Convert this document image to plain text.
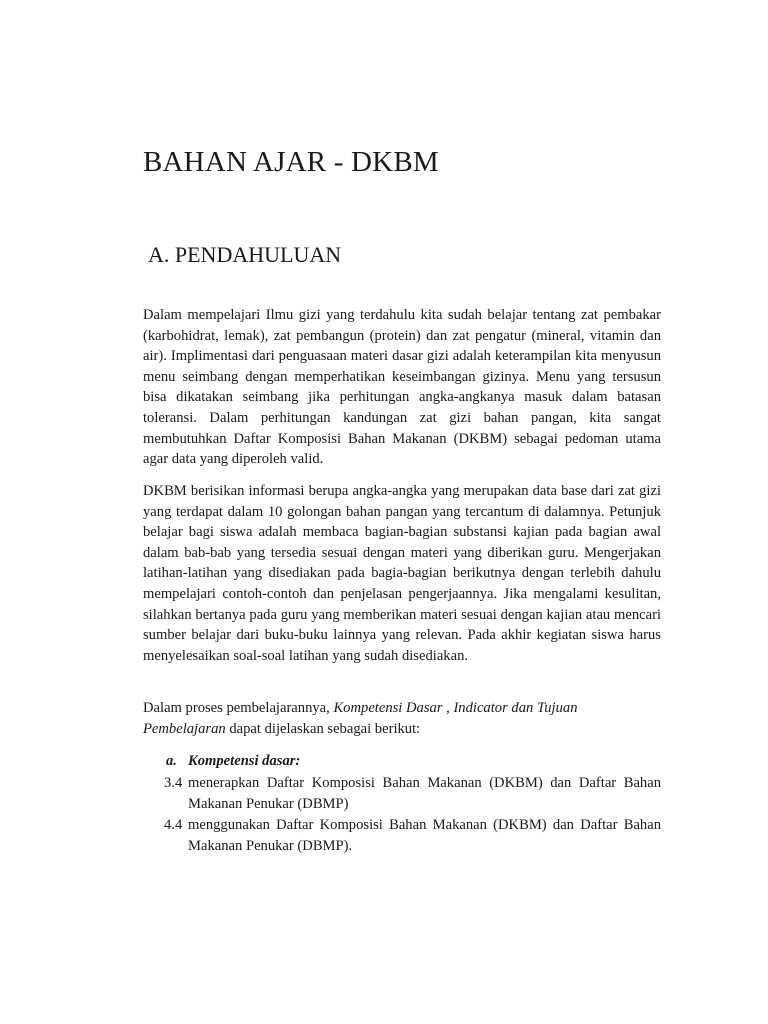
BAHAN AJAR - DKBM
A. PENDAHULUAN

Dalam mempelajari Ilmu gizi yang terdahulu kita sudah belajar tentang zat pembakar (karbohidrat, lemak), zat pembangun (protein) dan zat pengatur (mineral, vitamin dan air). Implimentasi dari penguasaan materi dasar gizi adalah keterampilan kita menyusun menu seimbang dengan memperhatikan keseimbangan gizinya. Menu yang tersusun bisa dikatakan seimbang jika perhitungan angka-angkanya masuk dalam batasan toleransi. Dalam perhitungan kandungan zat gizi bahan pangan, kita sangat membutuhkan Daftar Komposisi Bahan Makanan (DKBM) sebagai pedoman utama agar data yang diperoleh valid.

DKBM berisikan informasi berupa angka-angka yang merupakan data base dari zat gizi yang terdapat dalam 10 golongan bahan pangan yang tercantum di dalamnya. Petunjuk belajar bagi siswa adalah membaca bagian-bagian substansi kajian pada bagian awal dalam bab-bab yang tersedia sesuai dengan materi yang diberikan guru. Mengerjakan latihan-latihan yang disediakan pada bagia-bagian berikutnya dengan terlebih dahulu mempelajari contoh-contoh dan penjelasan pengerjaannya. Jika mengalami kesulitan, silahkan bertanya pada guru yang memberikan materi sesuai dengan kajian atau mencari sumber belajar dari buku-buku lainnya yang relevan. Pada akhir kegiatan siswa harus menyelesaikan soal-soal latihan yang sudah disediakan.

Dalam proses pembelajarannya, Kompetensi Dasar , Indicator dan Tujuan Pembelajaran dapat dijelaskan sebagai berikut:

a. Kompetensi dasar:

3.4 menerapkan Daftar Komposisi Bahan Makanan (DKBM) dan Daftar Bahan Makanan Penukar (DBMP)
4.4 menggunakan Daftar Komposisi Bahan Makanan (DKBM) dan Daftar Bahan Makanan Penukar (DBMP).
